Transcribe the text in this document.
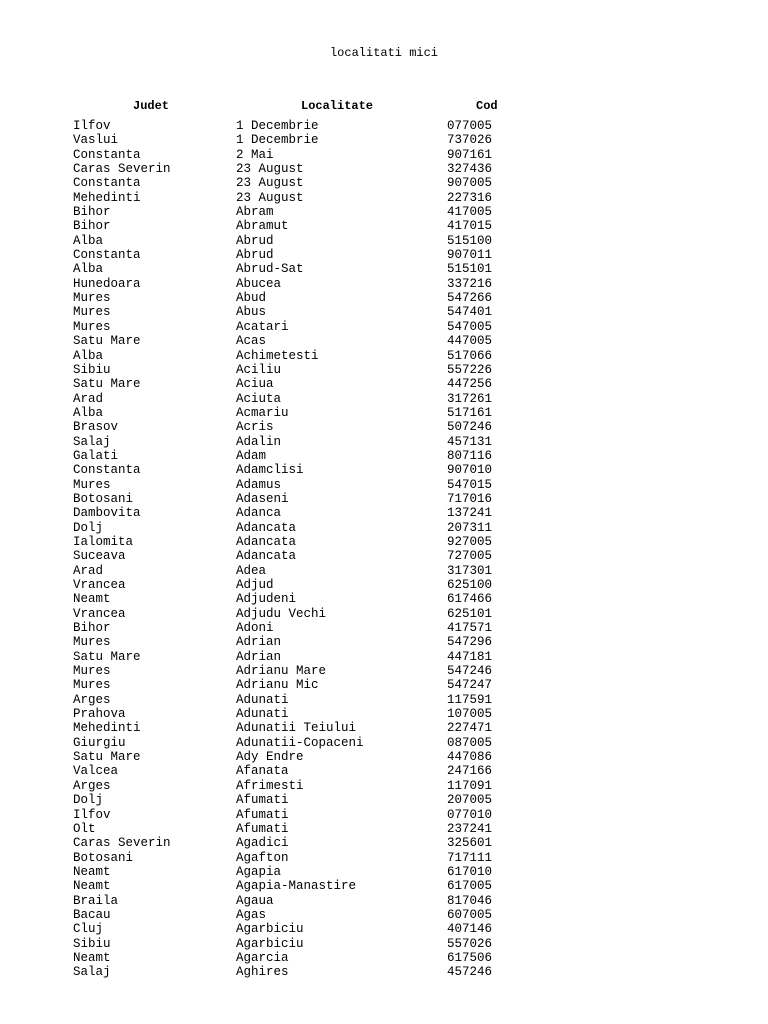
localitati mici
Judet	Localitate	Cod
Ilfov	1 Decembrie	077005
Vaslui	1 Decembrie	737026
Constanta	2 Mai	907161
Caras Severin	23 August	327436
Constanta	23 August	907005
Mehedinti	23 August	227316
Bihor	Abram	417005
Bihor	Abramut	417015
Alba	Abrud	515100
Constanta	Abrud	907011
Alba	Abrud-Sat	515101
Hunedoara	Abucea	337216
Mures	Abud	547266
Mures	Abus	547401
Mures	Acatari	547005
Satu Mare	Acas	447005
Alba	Achimetesti	517066
Sibiu	Aciliu	557226
Satu Mare	Aciua	447256
Arad	Aciuta	317261
Alba	Acmariu	517161
Brasov	Acris	507246
Salaj	Adalin	457131
Galati	Adam	807116
Constanta	Adamclisi	907010
Mures	Adamus	547015
Botosani	Adaseni	717016
Dambovita	Adanca	137241
Dolj	Adancata	207311
Ialomita	Adancata	927005
Suceava	Adancata	727005
Arad	Adea	317301
Vrancea	Adjud	625100
Neamt	Adjudeni	617466
Vrancea	Adjudu Vechi	625101
Bihor	Adoni	417571
Mures	Adrian	547296
Satu Mare	Adrian	447181
Mures	Adrianu Mare	547246
Mures	Adrianu Mic	547247
Arges	Adunati	117591
Prahova	Adunati	107005
Mehedinti	Adunatii Teiului	227471
Giurgiu	Adunatii-Copaceni	087005
Satu Mare	Ady Endre	447086
Valcea	Afanata	247166
Arges	Afrimesti	117091
Dolj	Afumati	207005
Ilfov	Afumati	077010
Olt	Afumati	237241
Caras Severin	Agadici	325601
Botosani	Agafton	717111
Neamt	Agapia	617010
Neamt	Agapia-Manastire	617005
Braila	Agaua	817046
Bacau	Agas	607005
Cluj	Agarbiciu	407146
Sibiu	Agarbiciu	557026
Neamt	Agarcia	617506
Salaj	Aghires	457246
